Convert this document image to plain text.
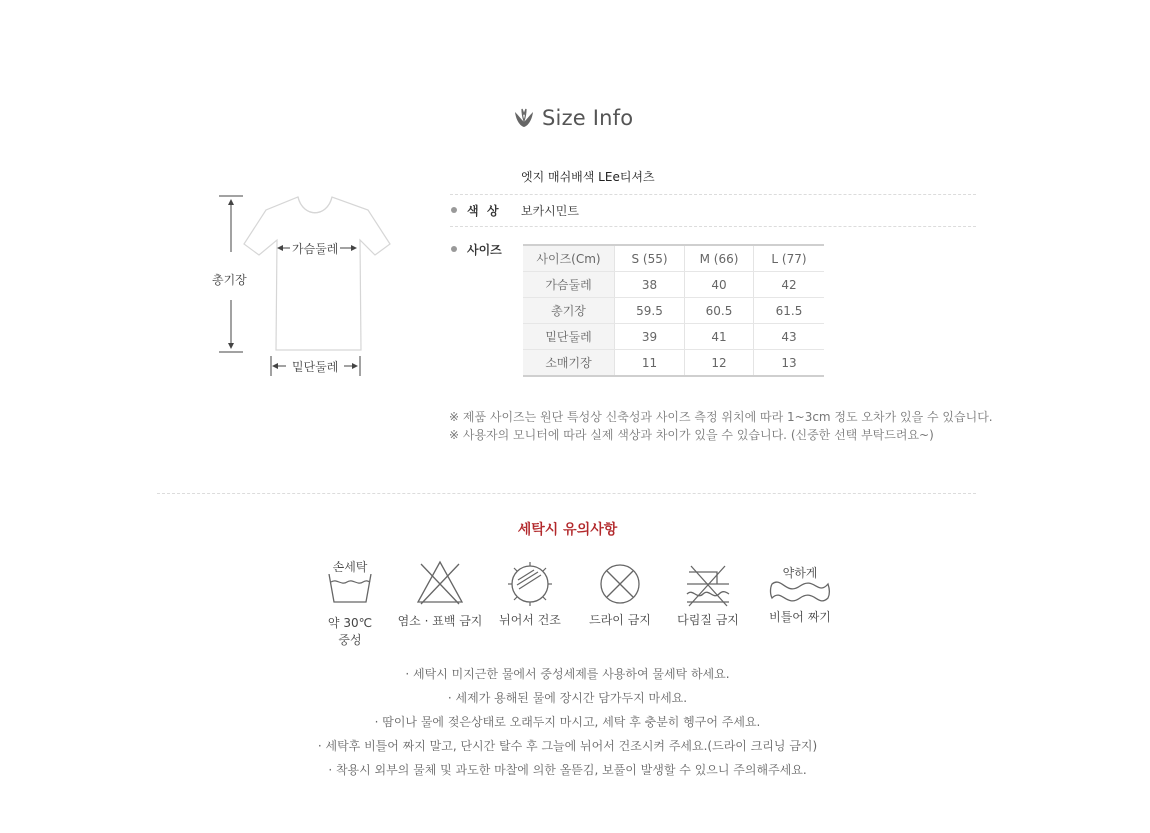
Size Info
가슴둘레
총기장
밑단둘레
엣지 매쉬배색 LEe티셔츠
색  상 보카시민트
사이즈
사이즈(Cm)	S (55)	M (66)	L (77)
가슴둘레	38	40	42
총기장	59.5	60.5	61.5
밑단둘레	39	41	43
소매기장	11	12	13
※ 제품 사이즈는 원단 특성상 신축성과 사이즈 측정 위치에 따라 1~3cm 정도 오차가 있을 수 있습니다.
※ 사용자의 모니터에 따라 실제 색상과 차이가 있을 수 있습니다. (신중한 선택 부탁드려요~)
세탁시 유의사항
손세탁
약 30℃
중성
염소 · 표백 금지	뉘어서 건조	드라이 금지	다림질 금지
약하게
비틀어 짜기
· 세탁시 미지근한 물에서 중성세제를 사용하여 물세탁 하세요.
· 세제가 용해된 물에 장시간 담가두지 마세요.
· 땀이나 물에 젖은상태로 오래두지 마시고, 세탁 후 충분히 헹구어 주세요.
· 세탁후 비틀어 짜지 말고, 단시간 탈수 후 그늘에 뉘어서 건조시켜 주세요.(드라이 크리닝 금지)
· 착용시 외부의 물체 및 과도한 마찰에 의한 올뜯김, 보풀이 발생할 수 있으니 주의해주세요.
